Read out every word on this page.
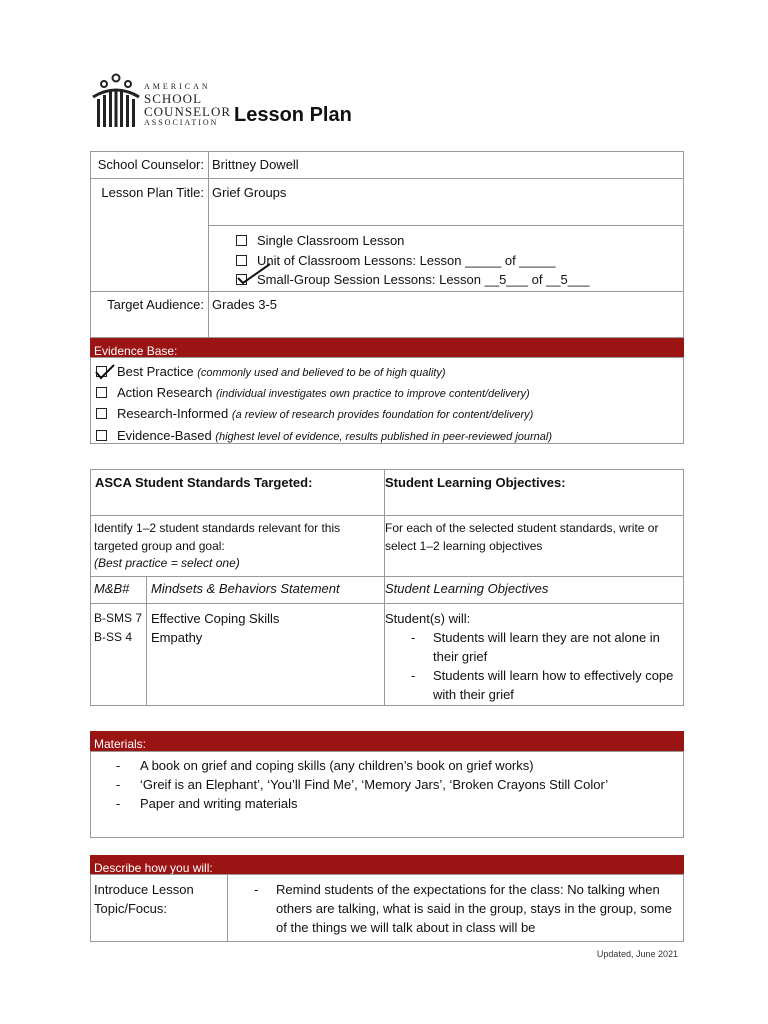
AMERICAN
SCHOOL
COUNSELOR
ASSOCIATION Lesson Plan
School Counselor: Brittney Dowell
Lesson Plan Title: Grief Groups
Single Classroom Lesson
Unit of Classroom Lessons: Lesson _____ of _____
Small-Group Session Lessons: Lesson __5___ of __5___
Target Audience: Grades 3-5
Evidence Base:
Best Practice (commonly used and believed to be of high quality)
Action Research (individual investigates own practice to improve content/delivery)
Research-Informed (a review of research provides foundation for content/delivery)
Evidence-Based (highest level of evidence, results published in peer-reviewed journal)
ASCA Student Standards Targeted:	Student Learning Objectives:
Identify 1–2 student standards relevant for this targeted group and goal:
(Best practice = select one)
For each of the selected student standards, write or select 1–2 learning objectives
M&B# Mindsets & Behaviors Statement	Student Learning Objectives
B-SMS 7
B-SS 4
Effective Coping Skills
Empathy
Student(s) will:
- Students will learn they are not alone in their grief
- Students will learn how to effectively cope with their grief
Materials:
- A book on grief and coping skills (any children’s book on grief works)
- ‘Greif is an Elephant’, ‘You’ll Find Me’, ‘Memory Jars’, ‘Broken Crayons Still Color’
- Paper and writing materials
Describe how you will:
Introduce Lesson Topic/Focus:
- Remind students of the expectations for the class: No talking when others are talking, what is said in the group, stays in the group, some of the things we will talk about in class will be
Updated, June 2021
